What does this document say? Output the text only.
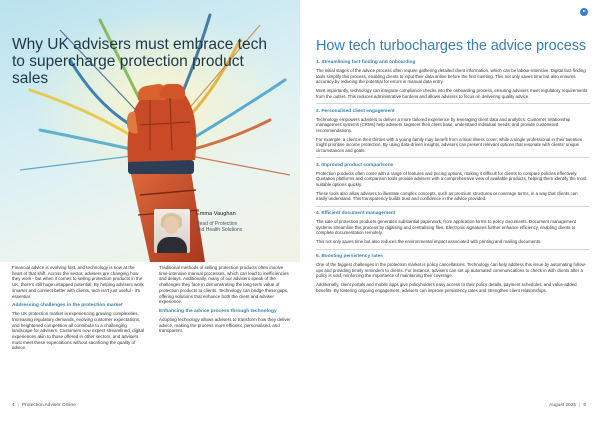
Why UK advisers must embrace tech to supercharge protection product sales
Emma Vaughan
Head of Protection and Health Solutions

Financial advice is evolving fast, and technology is now at the heart of that shift. Across the sector, advisers are changing how they work - but when it comes to selling protection products in the UK, there's still huge untapped potential. By helping advisers work smarter and connect better with clients, tech isn't just useful - it's essential.

Addressing challenges in the protection market

The UK protection market is experiencing growing complexities. Increasing regulatory demands, evolving customer expectations, and heightened competition all contribute to a challenging landscape for advisers. Customers now expect streamlined, digital experiences akin to those offered in other sectors, and advisers must meet these expectations without sacrificing the quality of advice.

Traditional methods of selling protection products often involve time-intensive manual processes, which can lead to inefficiencies and delays. Additionally, many of our advisers speak of the challenges they face in demonstrating the long-term value of protection products to clients. Technology can bridge these gaps, offering solutions that enhance both the client and adviser experience.

Enhancing the advice process through technology

Adopting technology allows advisers to transform how they deliver advice, making the process more efficient, personalised, and transparent.

4 | Protection Adviser Online
How tech turbocharges the advice process
1. Streamlining fact-finding and onboarding

The initial stages of the advice process often require gathering detailed client information, which can be labour-intensive. Digital fact-finding tools simplify this process, enabling clients to input their data online before the first meeting. This not only saves time but also ensures accuracy by reducing the potential for errors in manual data entry.

Most importantly, technology can integrate compliance checks into the onboarding process, ensuring advisers meet regulatory requirements from the outset. This reduces administrative burdens and allows advisers to focus on delivering quality advice.

2. Personalised client engagement

Technology empowers advisers to deliver a more tailored experience by leveraging client data and analytics. Customer relationship management systems (CRMs) help advisers segment their client base, understand individual needs, and provide customised recommendations.

For example, a client in their thirties with a young family may benefit from critical illness cover, while a single professional in their twenties might prioritise income protection. By using data-driven insights, advisers can present relevant options that resonate with clients' unique circumstances and goals.

3. Improved product comparisons

Protection products often come with a range of features and pricing options, making it difficult for clients to compare policies effectively. Quotation platforms and comparison tools provide advisers with a comprehensive view of available products, helping them identify the most suitable options quickly.

These tools also allow advisers to illustrate complex concepts, such as premium structures or coverage terms, in a way that clients can easily understand. This transparency builds trust and confidence in the advice provided.

4. Efficient document management

The sale of protection products generates substantial paperwork, from application forms to policy documents. Document management systems streamline this process by digitising and centralising files. Electronic signatures further enhance efficiency, enabling clients to complete documentation remotely.

This not only saves time but also reduces the environmental impact associated with printing and mailing documents.

5. Boosting persistency rates

One of the biggest challenges in the protection market is policy cancellations. Technology can help address this issue by automating follow-ups and providing timely reminders to clients. For instance, advisers can set up automated communications to check in with clients after a policy is sold, reinforcing the importance of maintaining their coverage.

Additionally, client portals and mobile apps give policyholders easy access to their policy details, payment schedules, and value-added benefits. By fostering ongoing engagement, advisers can improve persistency rates and strengthen client relationships.

August 2025 | 5
